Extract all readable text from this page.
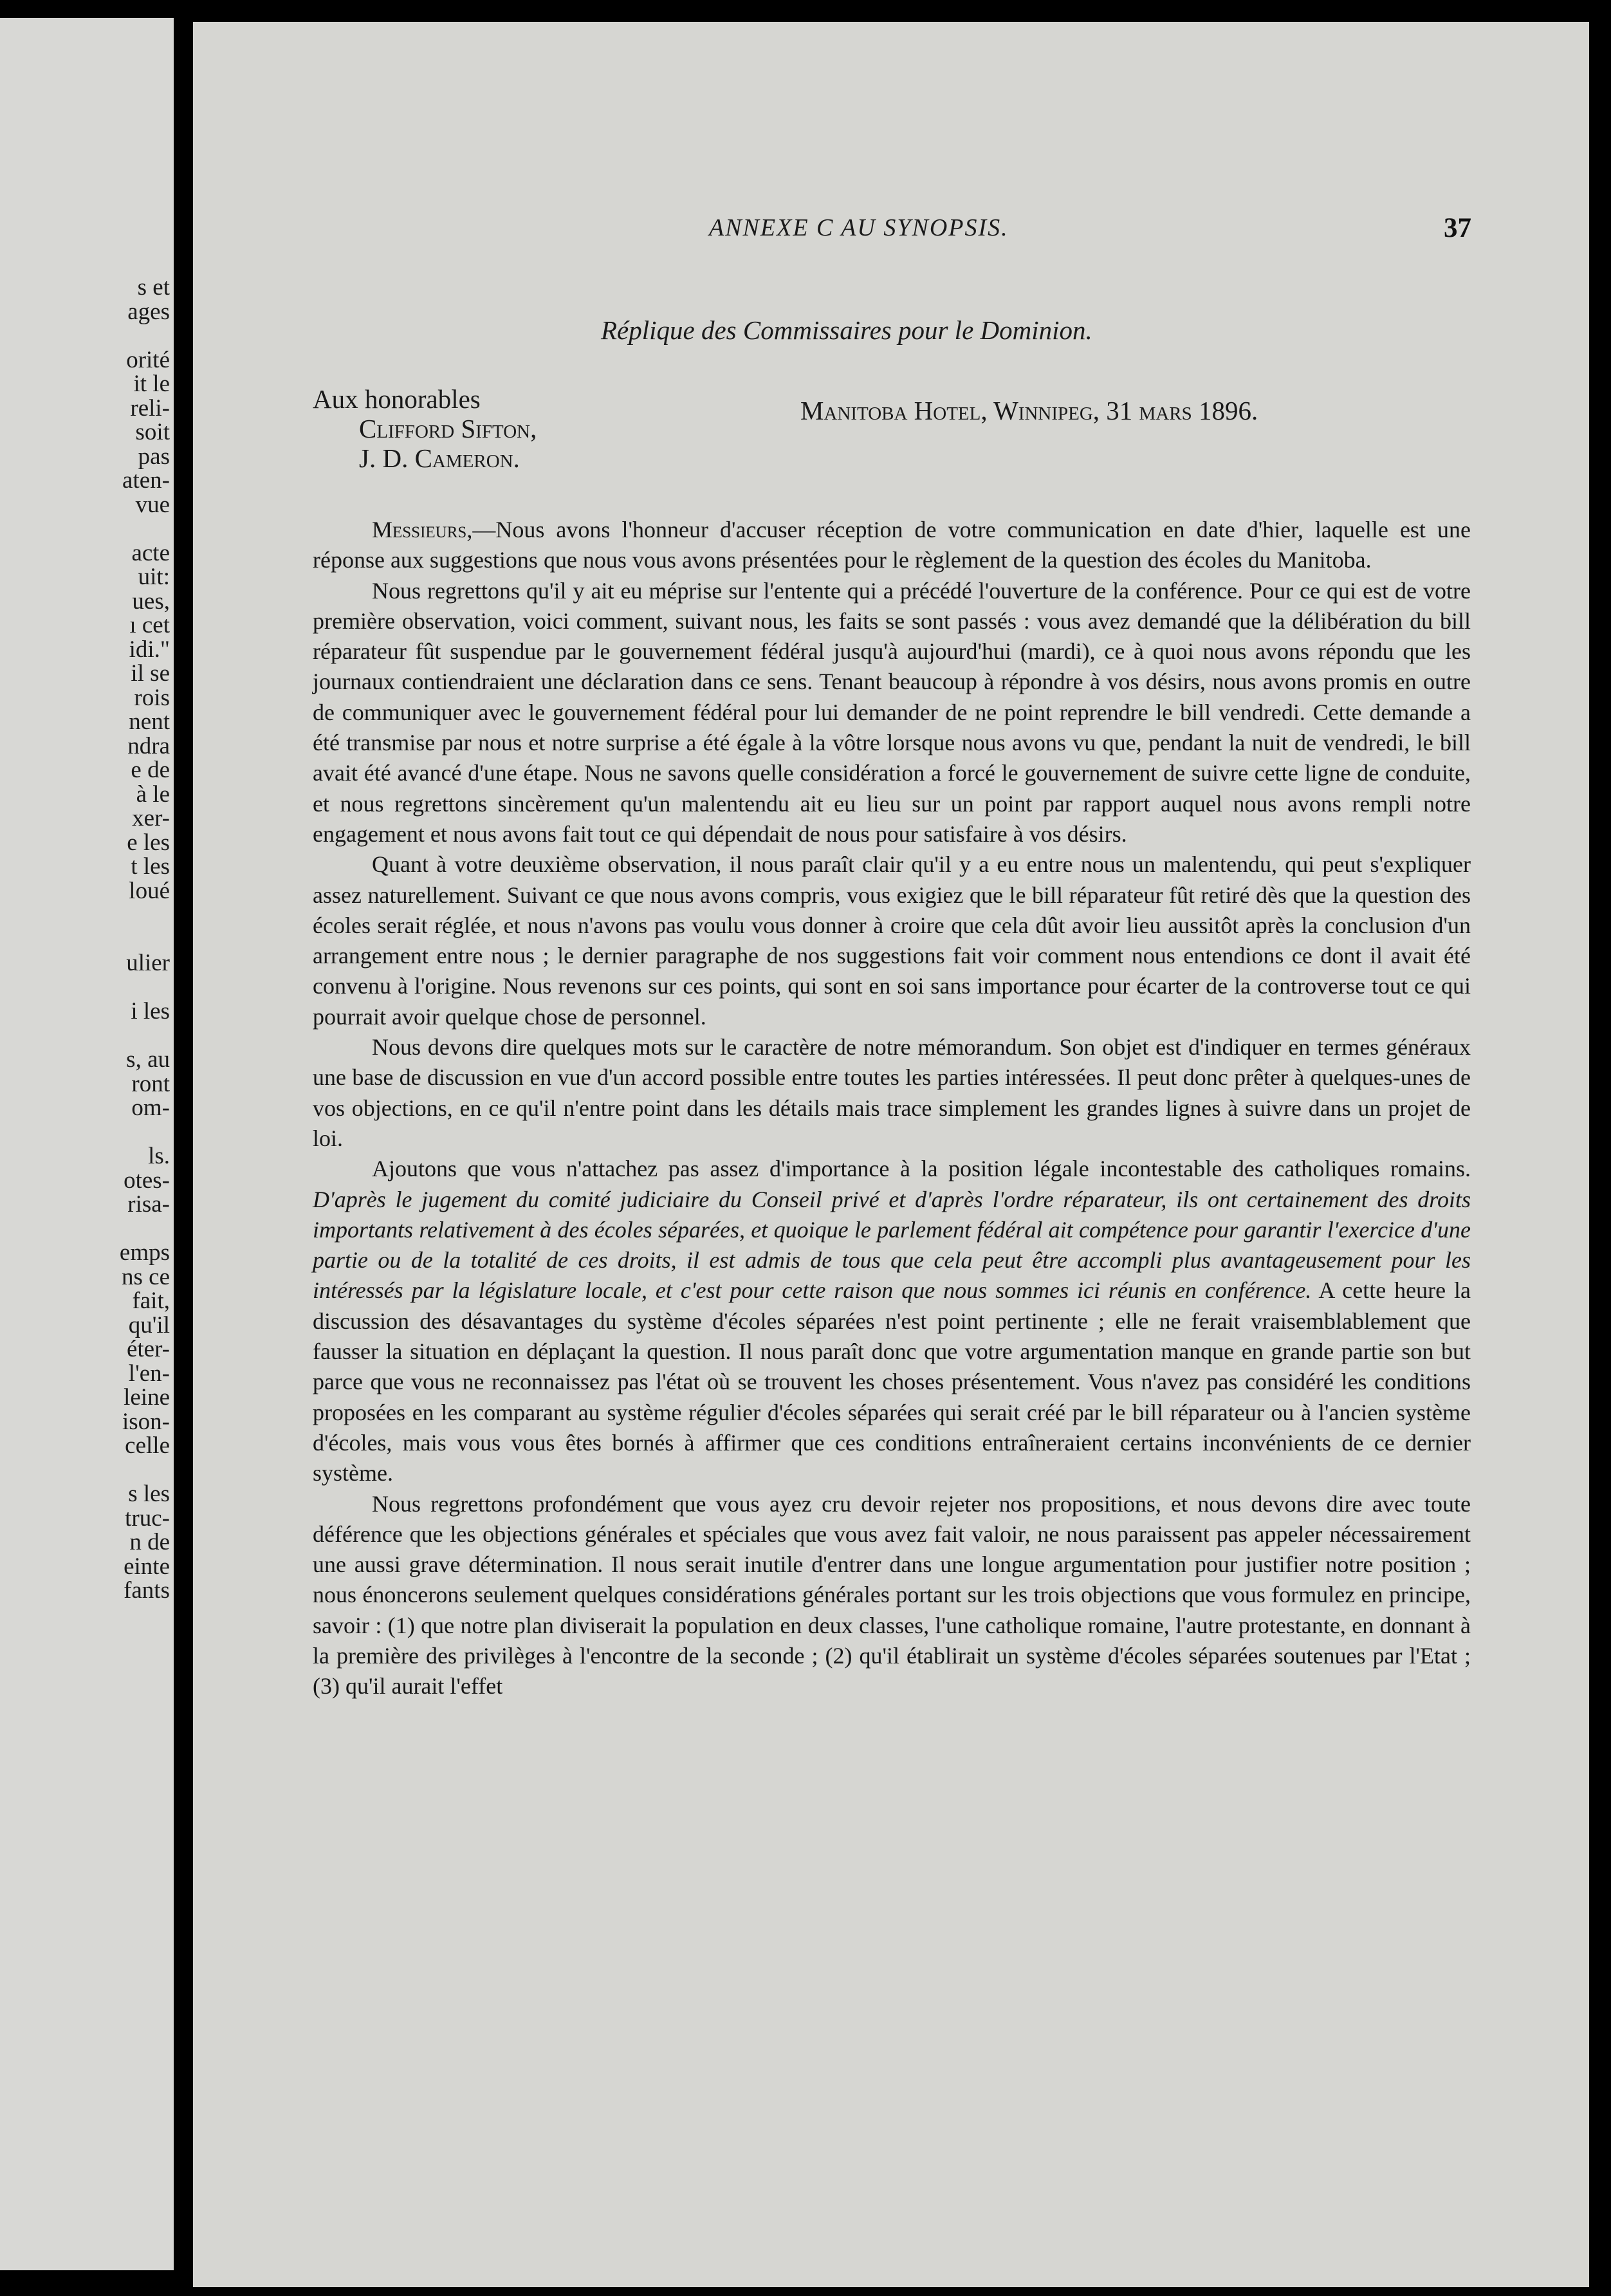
s et
ages

orité
it le
reli-
soit
pas
aten-
vue

acte
uit:
ues,
ı cet
idi."
il se
rois
nent
ndra
e de
à le
xer-
e les
t les
loué

ulier

i les

s, au
ront
om-

ls.
otes-
risa-

emps
ns ce
fait,
qu'il
éter-
l'en-
leine
ison-
celle

s les
truc-
n de
einte
fants
ANNEXE C AU SYNOPSIS.	37
Réplique des Commissaires pour le Dominion.
Aux honorables
Clifford Sifton,
J. D. Cameron.
Manitoba Hotel, Winnipeg, 31 mars 1896.

Messieurs,—Nous avons l'honneur d'accuser réception de votre communication en date d'hier, laquelle est une réponse aux suggestions que nous vous avons présentées pour le règlement de la question des écoles du Manitoba.

Nous regrettons qu'il y ait eu méprise sur l'entente qui a précédé l'ouverture de la conférence. Pour ce qui est de votre première observation, voici comment, suivant nous, les faits se sont passés : vous avez demandé que la délibération du bill réparateur fût suspendue par le gouvernement fédéral jusqu'à aujourd'hui (mardi), ce à quoi nous avons répondu que les journaux contiendraient une déclaration dans ce sens. Tenant beaucoup à répondre à vos désirs, nous avons promis en outre de communiquer avec le gouvernement fédéral pour lui demander de ne point reprendre le bill vendredi. Cette demande a été transmise par nous et notre surprise a été égale à la vôtre lorsque nous avons vu que, pendant la nuit de vendredi, le bill avait été avancé d'une étape. Nous ne savons quelle considération a forcé le gouvernement de suivre cette ligne de conduite, et nous regrettons sincèrement qu'un malentendu ait eu lieu sur un point par rapport auquel nous avons rempli notre engagement et nous avons fait tout ce qui dépendait de nous pour satisfaire à vos désirs.

Quant à votre deuxième observation, il nous paraît clair qu'il y a eu entre nous un malentendu, qui peut s'expliquer assez naturellement. Suivant ce que nous avons compris, vous exigiez que le bill réparateur fût retiré dès que la question des écoles serait réglée, et nous n'avons pas voulu vous donner à croire que cela dût avoir lieu aussitôt après la conclusion d'un arrangement entre nous ; le dernier paragraphe de nos suggestions fait voir comment nous entendions ce dont il avait été convenu à l'origine. Nous revenons sur ces points, qui sont en soi sans importance pour écarter de la controverse tout ce qui pourrait avoir quelque chose de personnel.

Nous devons dire quelques mots sur le caractère de notre mémorandum. Son objet est d'indiquer en termes généraux une base de discussion en vue d'un accord possible entre toutes les parties intéressées. Il peut donc prêter à quelques-unes de vos objections, en ce qu'il n'entre point dans les détails mais trace simplement les grandes lignes à suivre dans un projet de loi.

Ajoutons que vous n'attachez pas assez d'importance à la position légale incontestable des catholiques romains. D'après le jugement du comité judiciaire du Conseil privé et d'après l'ordre réparateur, ils ont certainement des droits importants relativement à des écoles séparées, et quoique le parlement fédéral ait compétence pour garantir l'exercice d'une partie ou de la totalité de ces droits, il est admis de tous que cela peut être accompli plus avantageusement pour les intéressés par la législature locale, et c'est pour cette raison que nous sommes ici réunis en conférence. A cette heure la discussion des désavantages du système d'écoles séparées n'est point pertinente ; elle ne ferait vraisemblablement que fausser la situation en déplaçant la question. Il nous paraît donc que votre argumentation manque en grande partie son but parce que vous ne reconnaissez pas l'état où se trouvent les choses présentement. Vous n'avez pas considéré les conditions proposées en les comparant au système régulier d'écoles séparées qui serait créé par le bill réparateur ou à l'ancien système d'écoles, mais vous vous êtes bornés à affirmer que ces conditions entraîneraient certains inconvénients de ce dernier système.

Nous regrettons profondément que vous ayez cru devoir rejeter nos propositions, et nous devons dire avec toute déférence que les objections générales et spéciales que vous avez fait valoir, ne nous paraissent pas appeler nécessairement une aussi grave détermination. Il nous serait inutile d'entrer dans une longue argumentation pour justifier notre position ; nous énoncerons seulement quelques considérations générales portant sur les trois objections que vous formulez en principe, savoir : (1) que notre plan diviserait la population en deux classes, l'une catholique romaine, l'autre protestante, en donnant à la première des privilèges à l'encontre de la seconde ; (2) qu'il établirait un système d'écoles séparées soutenues par l'Etat ; (3) qu'il aurait l'effet
